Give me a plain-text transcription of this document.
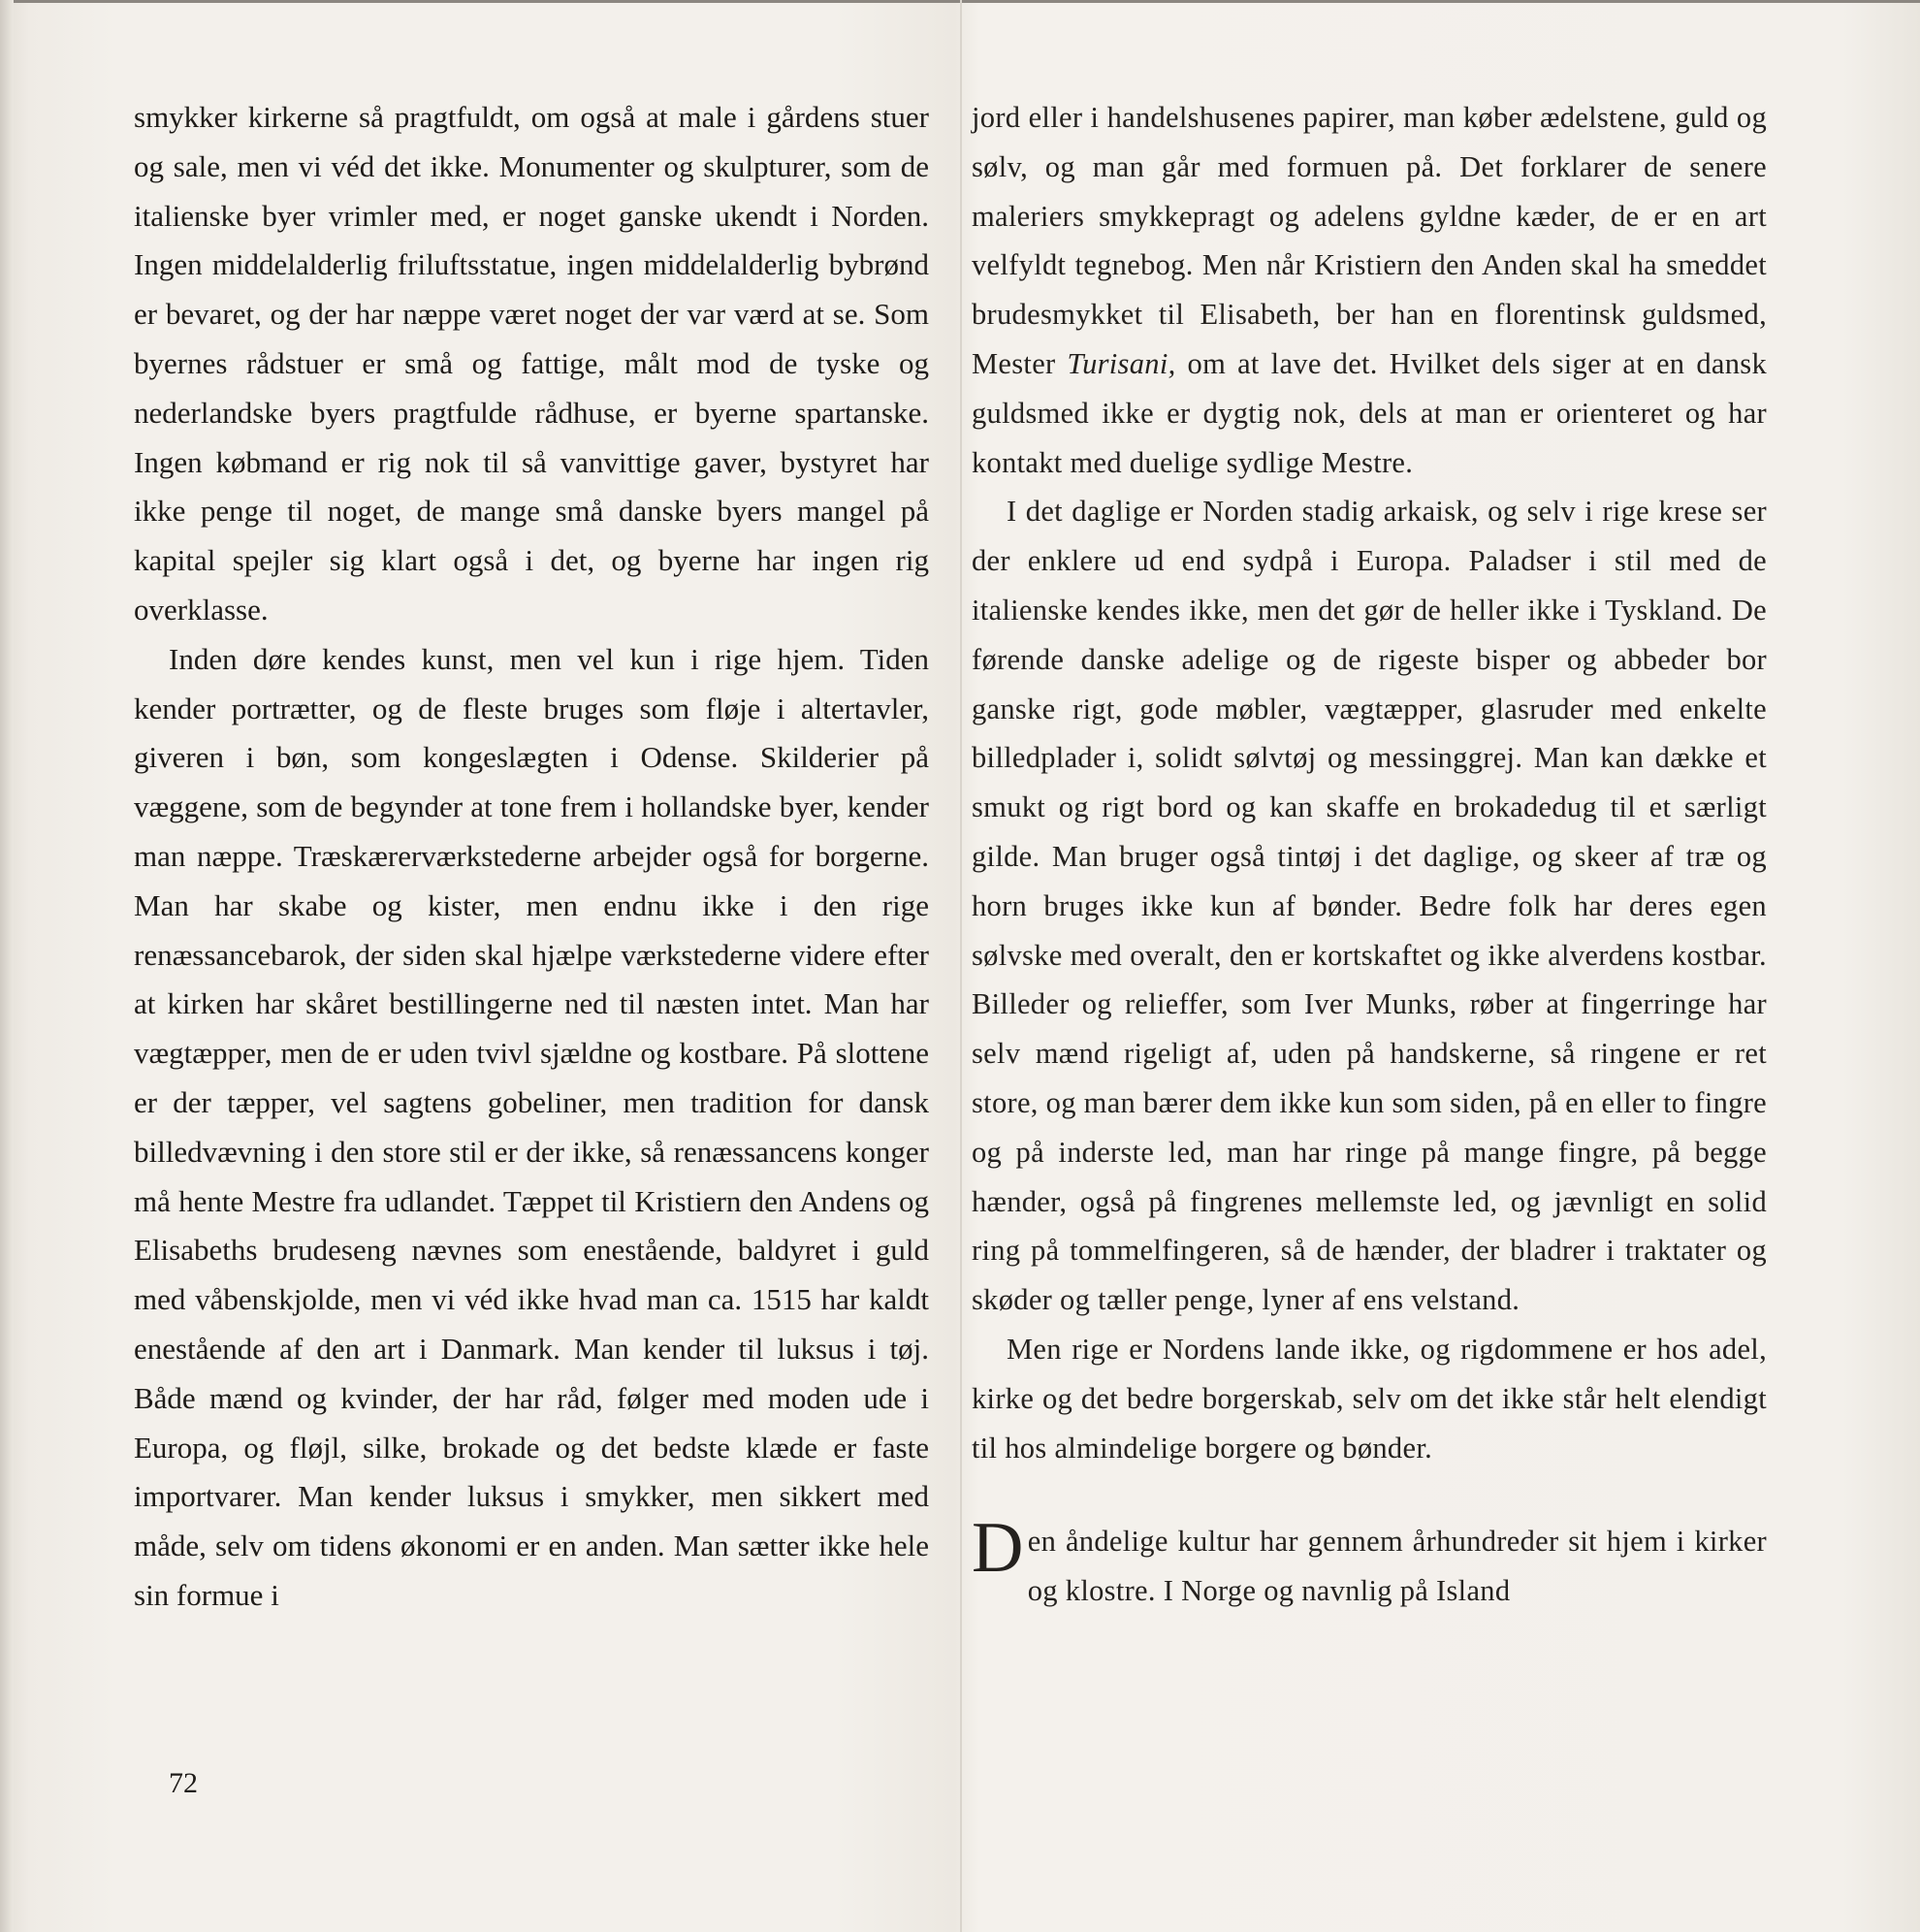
smykker kirkerne så pragtfuldt, om også at male i gårdens stuer og sale, men vi véd det ikke. Monumenter og skulpturer, som de italienske byer vrimler med, er noget ganske ukendt i Norden. Ingen middelalderlig friluftsstatue, ingen middelalderlig bybrønd er bevaret, og der har næppe været noget der var værd at se. Som byernes rådstuer er små og fattige, målt mod de tyske og nederlandske byers pragtfulde rådhuse, er byerne spartanske. Ingen købmand er rig nok til så vanvittige gaver, bystyret har ikke penge til noget, de mange små danske byers mangel på kapital spejler sig klart også i det, og byerne har ingen rig overklasse.

Inden døre kendes kunst, men vel kun i rige hjem. Tiden kender portrætter, og de fleste bruges som fløje i altertavler, giveren i bøn, som kongeslægten i Odense. Skilderier på væggene, som de begynder at tone frem i hollandske byer, kender man næppe. Træskærerværkstederne arbejder også for borgerne. Man har skabe og kister, men endnu ikke i den rige renæssancebarok, der siden skal hjælpe værkstederne videre efter at kirken har skåret bestillingerne ned til næsten intet. Man har vægtæpper, men de er uden tvivl sjældne og kostbare. På slottene er der tæpper, vel sagtens gobeliner, men tradition for dansk billedvævning i den store stil er der ikke, så renæssancens konger må hente Mestre fra udlandet. Tæppet til Kristiern den Andens og Elisabeths brudeseng nævnes som enestående, baldyret i guld med våbenskjolde, men vi véd ikke hvad man ca. 1515 har kaldt enestående af den art i Danmark. Man kender til luksus i tøj. Både mænd og kvinder, der har råd, følger med moden ude i Europa, og fløjl, silke, brokade og det bedste klæde er faste importvarer. Man kender luksus i smykker, men sikkert med måde, selv om tidens økonomi er en anden. Man sætter ikke hele sin formue i

jord eller i handelshusenes papirer, man køber ædelstene, guld og sølv, og man går med formuen på. Det forklarer de senere maleriers smykkepragt og adelens gyldne kæder, de er en art velfyldt tegnebog. Men når Kristiern den Anden skal ha smeddet brudesmykket til Elisabeth, ber han en florentinsk guldsmed, Mester Turisani, om at lave det. Hvilket dels siger at en dansk guldsmed ikke er dygtig nok, dels at man er orienteret og har kontakt med duelige sydlige Mestre.

I det daglige er Norden stadig arkaisk, og selv i rige krese ser der enklere ud end sydpå i Europa. Paladser i stil med de italienske kendes ikke, men det gør de heller ikke i Tyskland. De førende danske adelige og de rigeste bisper og abbeder bor ganske rigt, gode møbler, vægtæpper, glasruder med enkelte billedplader i, solidt sølvtøj og messinggrej. Man kan dække et smukt og rigt bord og kan skaffe en brokadedug til et særligt gilde. Man bruger også tintøj i det daglige, og skeer af træ og horn bruges ikke kun af bønder. Bedre folk har deres egen sølvske med overalt, den er kortskaftet og ikke alverdens kostbar. Billeder og relieffer, som Iver Munks, røber at fingerringe har selv mænd rigeligt af, uden på handskerne, så ringene er ret store, og man bærer dem ikke kun som siden, på en eller to fingre og på inderste led, man har ringe på mange fingre, på begge hænder, også på fingrenes mellemste led, og jævnligt en solid ring på tommelfingeren, så de hænder, der bladrer i traktater og skøder og tæller penge, lyner af ens velstand.

Men rige er Nordens lande ikke, og rigdommene er hos adel, kirke og det bedre borgerskab, selv om det ikke står helt elendigt til hos almindelige borgere og bønder.

Den åndelige kultur har gennem århundreder sit hjem i kirker og klostre. I Norge og navnlig på Island

72
